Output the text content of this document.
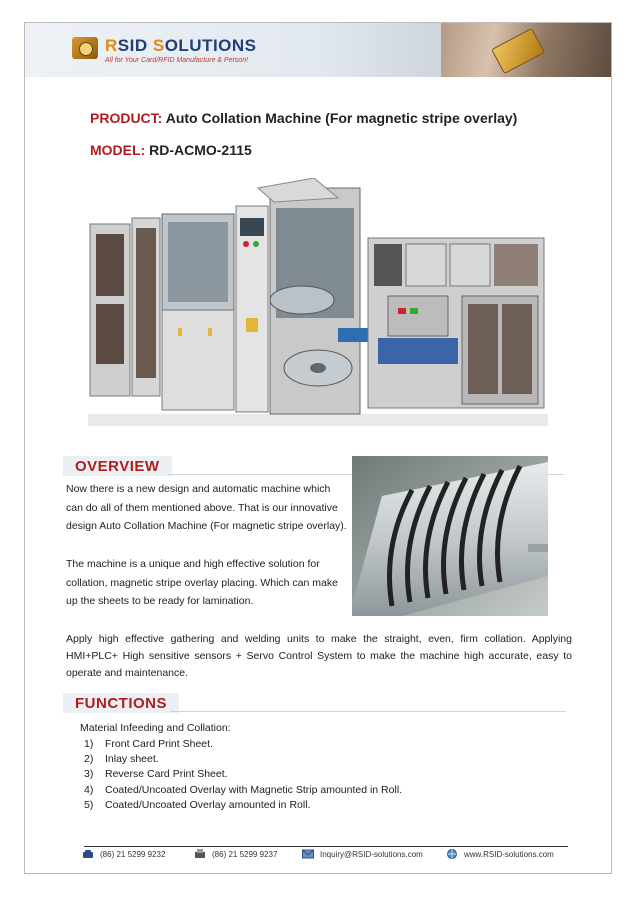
RSID SOLUTIONS
All for Your Card/RFID Manufacture & Person!
PRODUCT: Auto Collation Machine (For magnetic stripe overlay)
MODEL: RD-ACMO-2115
OVERVIEW

Now there is a new design and automatic machine which can do all of them mentioned above. That is our innovative design Auto Collation Machine (For magnetic stripe overlay).

The machine is a unique and high effective solution for collation, magnetic stripe overlay placing. Which can make up the sheets to be ready for lamination.

Apply high effective gathering and welding units to make the straight, even, firm collation. Applying HMI+PLC+ High sensitive sensors + Servo Control System to make the machine high accurate, easy to operate and maintenance.
FUNCTIONS
Material Infeeding and Collation:
1)	Front Card Print Sheet.
2)	Inlay sheet.
3)	Reverse Card Print Sheet.
4)	Coated/Uncoated Overlay with Magnetic Strip amounted in Roll.
5)	Coated/Uncoated Overlay amounted in Roll.
(86) 21 5299 9232	(86) 21 5299 9237	Inquiry@RSID-solutions.com	www.RSID-solutions.com
